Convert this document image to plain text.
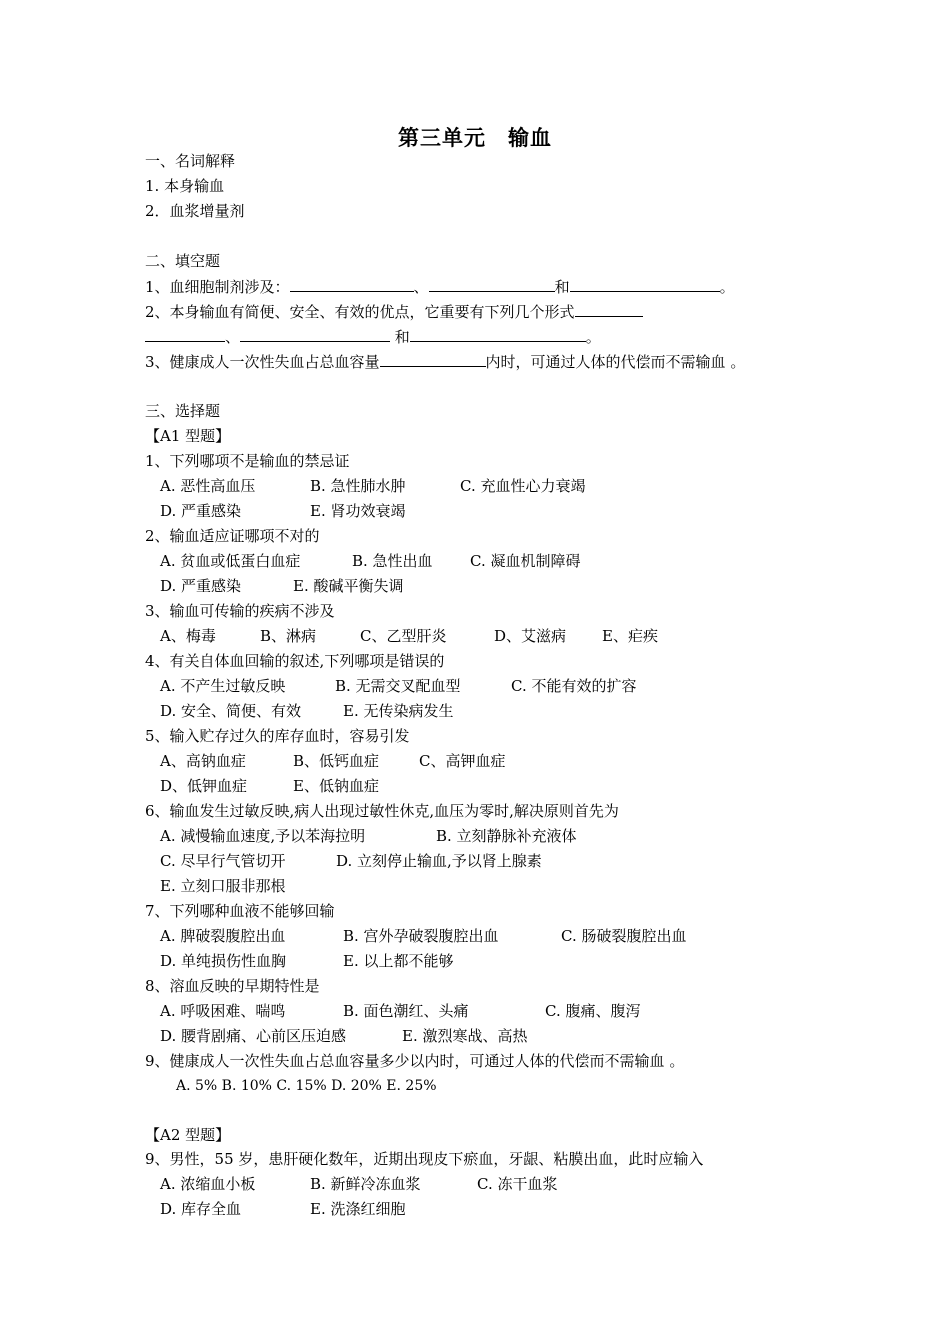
第三单元　输血
一、名词解释
1. 本身输血
2．血浆增量剂
二、填空题
1、血细胞制剂涉及：	、	和	。
2、本身输血有简便、安全、有效的优点，它重要有下列几个形式
、	和	。
3、健康成人一次性失血占总血容量	内时，可通过人体的代偿而不需输血 。
三、选择题
【A1 型题】
1、下列哪项不是输血的禁忌证
A. 恶性高血压	B. 急性肺水肿	C. 充血性心力衰竭
D. 严重感染	E. 肾功效衰竭
2、输血适应证哪项不对的
A. 贫血或低蛋白血症	B. 急性出血 C. 凝血机制障碍
D. 严重感染	E. 酸碱平衡失调
3、输血可传输的疾病不涉及
A、梅毒	B、淋病	C、乙型肝炎	D、艾滋病 E、疟疾
4、有关自体血回输的叙述,下列哪项是错误的
A. 不产生过敏反映	B. 无需交叉配血型	C. 不能有效的扩容
D. 安全、简便、有效	E. 无传染病发生
5、输入贮存过久的库存血时，容易引发
A、高钠血症	B、低钙血症	C、高钾血症
D、低钾血症	E、低钠血症
6、输血发生过敏反映,病人出现过敏性休克,血压为零时,解决原则首先为
A. 减慢输血速度,予以苯海拉明	B. 立刻静脉补充液体
C. 尽早行气管切开	D. 立刻停止输血,予以肾上腺素
E. 立刻口服非那根
7、下列哪种血液不能够回输
A. 脾破裂腹腔出血	B. 宫外孕破裂腹腔出血	C. 肠破裂腹腔出血
D. 单纯损伤性血胸	E. 以上都不能够
8、溶血反映的早期特性是
A. 呼吸困难、喘鸣	B. 面色潮红、头痛	C. 腹痛、腹泻
D. 腰背剧痛、心前区压迫感	E. 激烈寒战、高热
9、健康成人一次性失血占总血容量多少以内时，可通过人体的代偿而不需输血 。
A. 5% B. 10% C. 15% D. 20% E. 25%
【A2 型题】
9、男性，55 岁，患肝硬化数年，近期出现皮下瘀血，牙龈、粘膜出血，此时应输入
A. 浓缩血小板	B. 新鲜冷冻血浆	C. 冻干血浆
D. 库存全血	E. 洗涤红细胞
